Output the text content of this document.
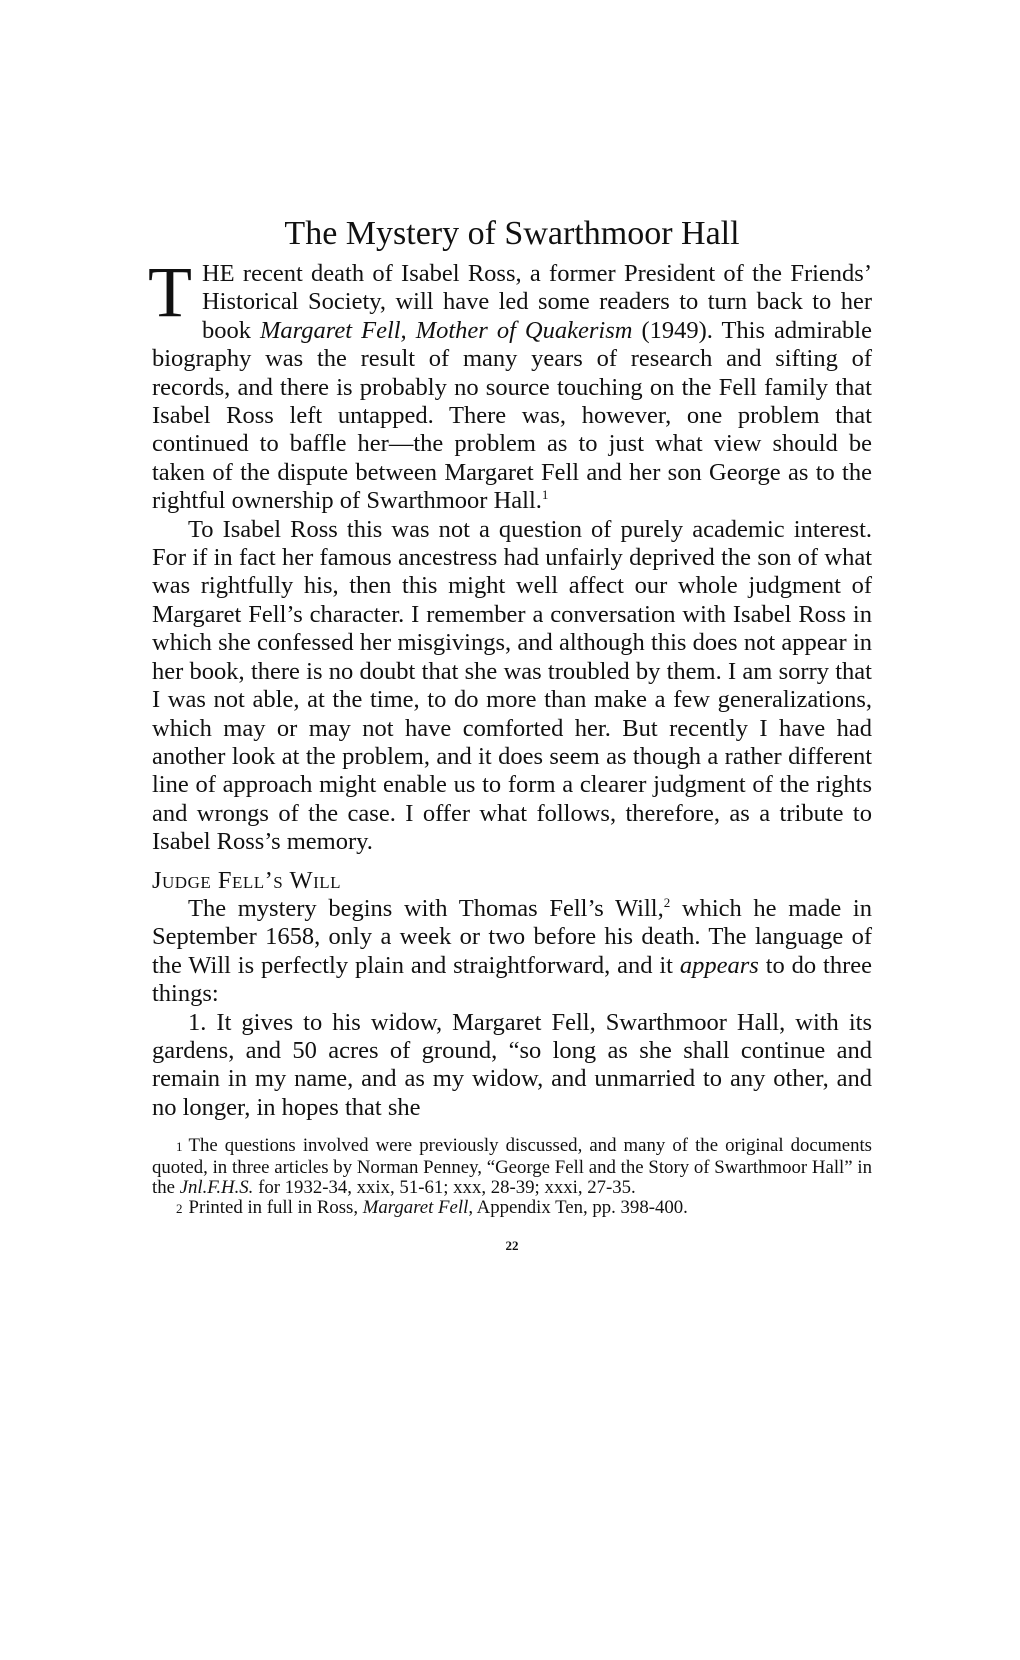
The Mystery of Swarthmoor Hall

THE recent death of Isabel Ross, a former President of the Friends’ Historical Society, will have led some readers to turn back to her book Margaret Fell, Mother of Quakerism (1949). This admirable biography was the result of many years of research and sifting of records, and there is probably no source touching on the Fell family that Isabel Ross left untapped. There was, however, one problem that continued to baffle her—the problem as to just what view should be taken of the dispute between Margaret Fell and her son George as to the rightful ownership of Swarthmoor Hall.$^1$

To Isabel Ross this was not a question of purely academic interest. For if in fact her famous ancestress had unfairly deprived the son of what was rightfully his, then this might well affect our whole judgment of Margaret Fell’s character. I remember a conversation with Isabel Ross in which she confessed her misgivings, and although this does not appear in her book, there is no doubt that she was troubled by them. I am sorry that I was not able, at the time, to do more than make a few generalizations, which may or may not have comforted her. But recently I have had another look at the problem, and it does seem as though a rather different line of approach might enable us to form a clearer judgment of the rights and wrongs of the case. I offer what follows, therefore, as a tribute to Isabel Ross’s memory.

Judge Fell’s Will

The mystery begins with Thomas Fell’s Will,$^2$ which he made in September 1658, only a week or two before his death. The language of the Will is perfectly plain and straightforward, and it appears to do three things:

1. It gives to his widow, Margaret Fell, Swarthmoor Hall, with its gardens, and 50 acres of ground, “so long as she shall continue and remain in my name, and as my widow, and unmarried to any other, and no longer, in hopes that she

1 The questions involved were previously discussed, and many of the original documents quoted, in three articles by Norman Penney, “George Fell and the Story of Swarthmoor Hall” in the Jnl.F.H.S. for 1932-34, xxix, 51-61; xxx, 28-39; xxxi, 27-35.

2 Printed in full in Ross, Margaret Fell, Appendix Ten, pp. 398-400.

22
